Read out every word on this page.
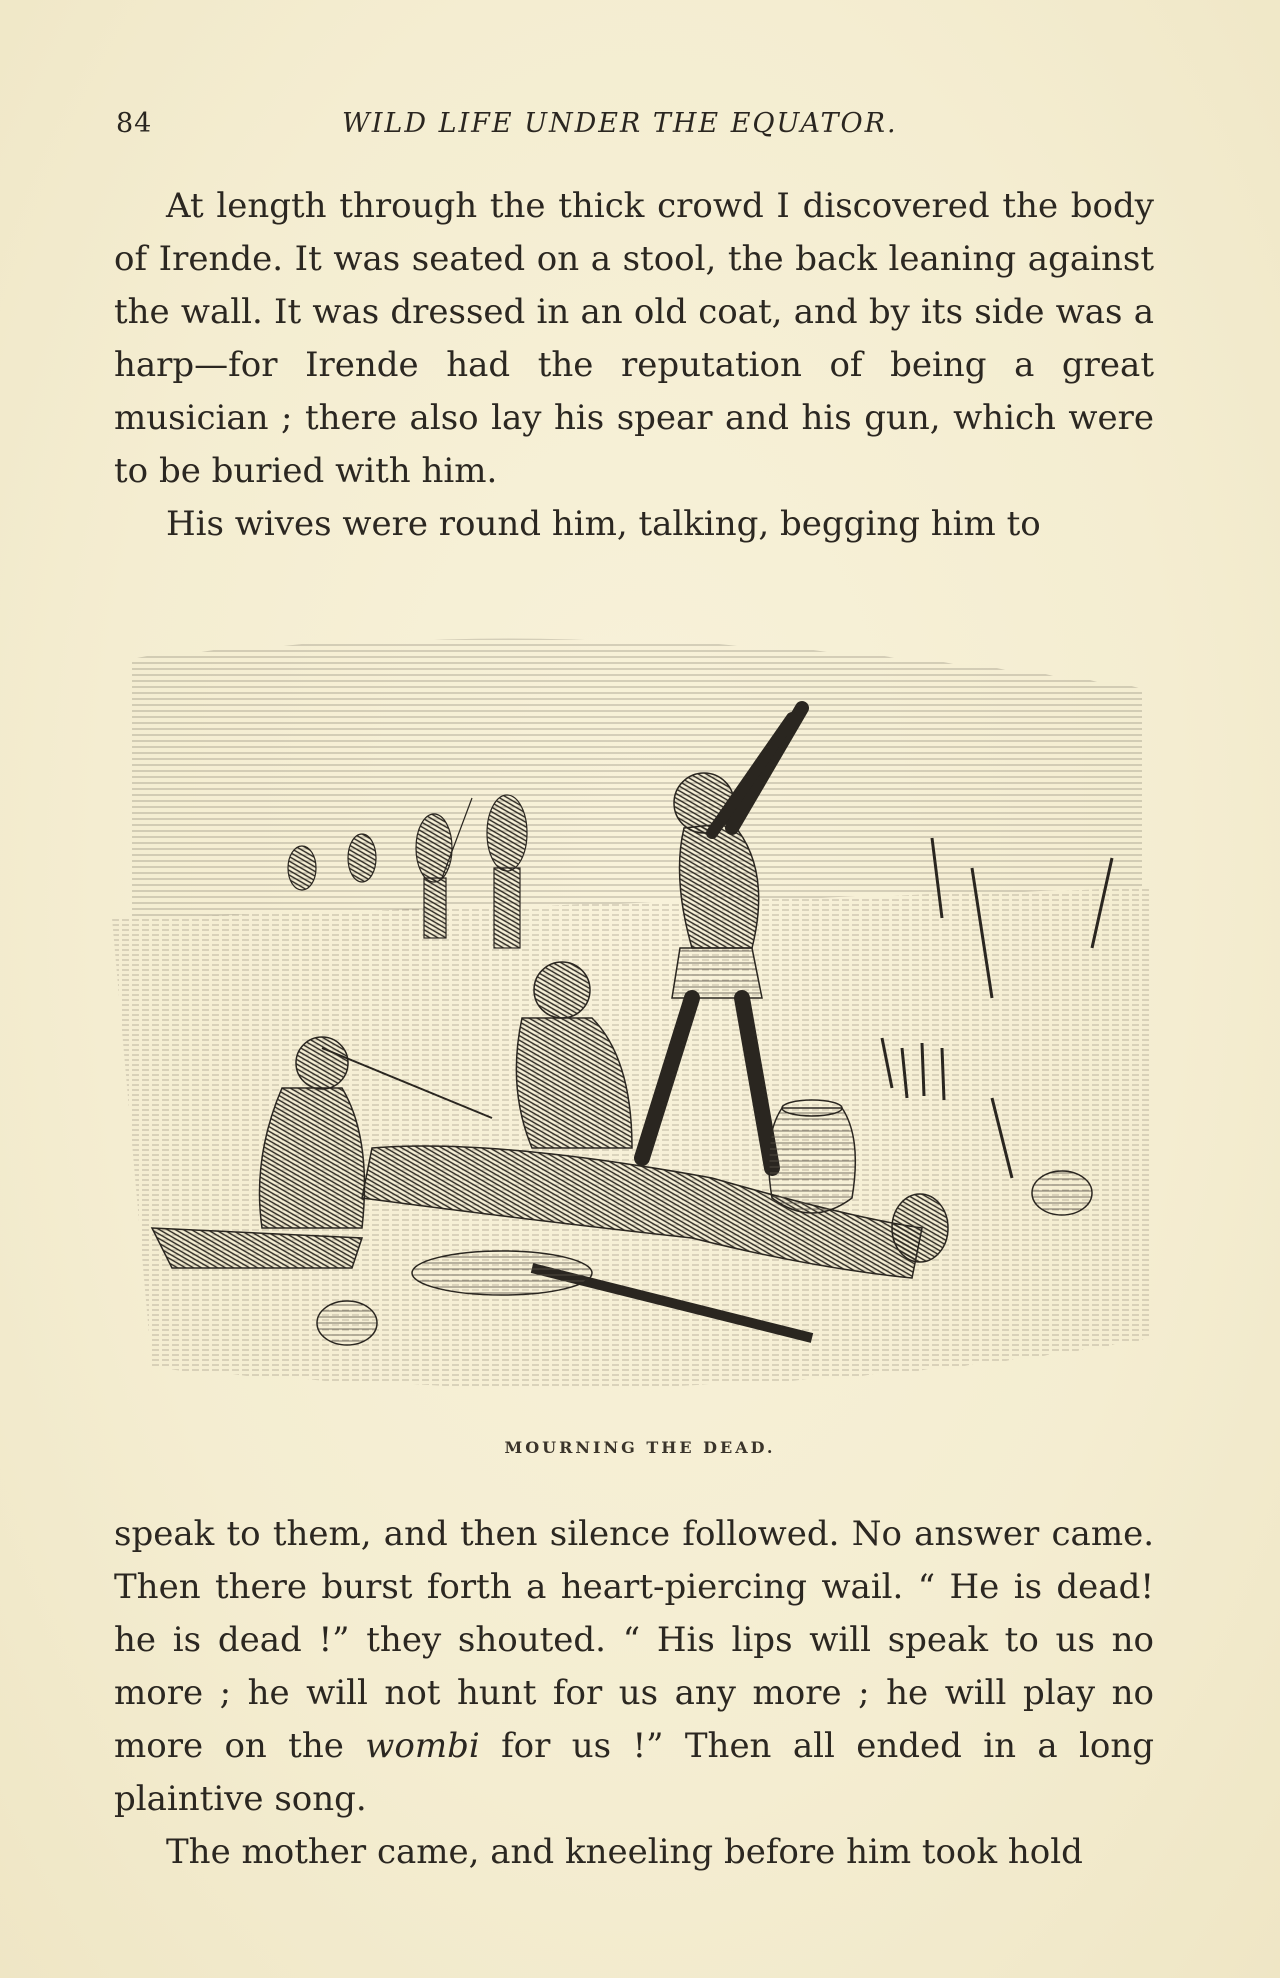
84	WILD LIFE UNDER THE EQUATOR.

At length through the thick crowd I discovered the body of Irende. It was seated on a stool, the back leaning against the wall. It was dressed in an old coat, and by its side was a harp—for Irende had the reputation of being a great musician ; there also lay his spear and his gun, which were to be buried with him.

His wives were round him, talking, begging him to

MOURNING THE DEAD.

speak to them, and then silence followed. No answer came. Then there burst forth a heart-piercing wail. “ He is dead! he is dead !” they shouted. “ His lips will speak to us no more ; he will not hunt for us any more ; he will play no more on the wombi for us !” Then all ended in a long plaintive song.

The mother came, and kneeling before him took hold
